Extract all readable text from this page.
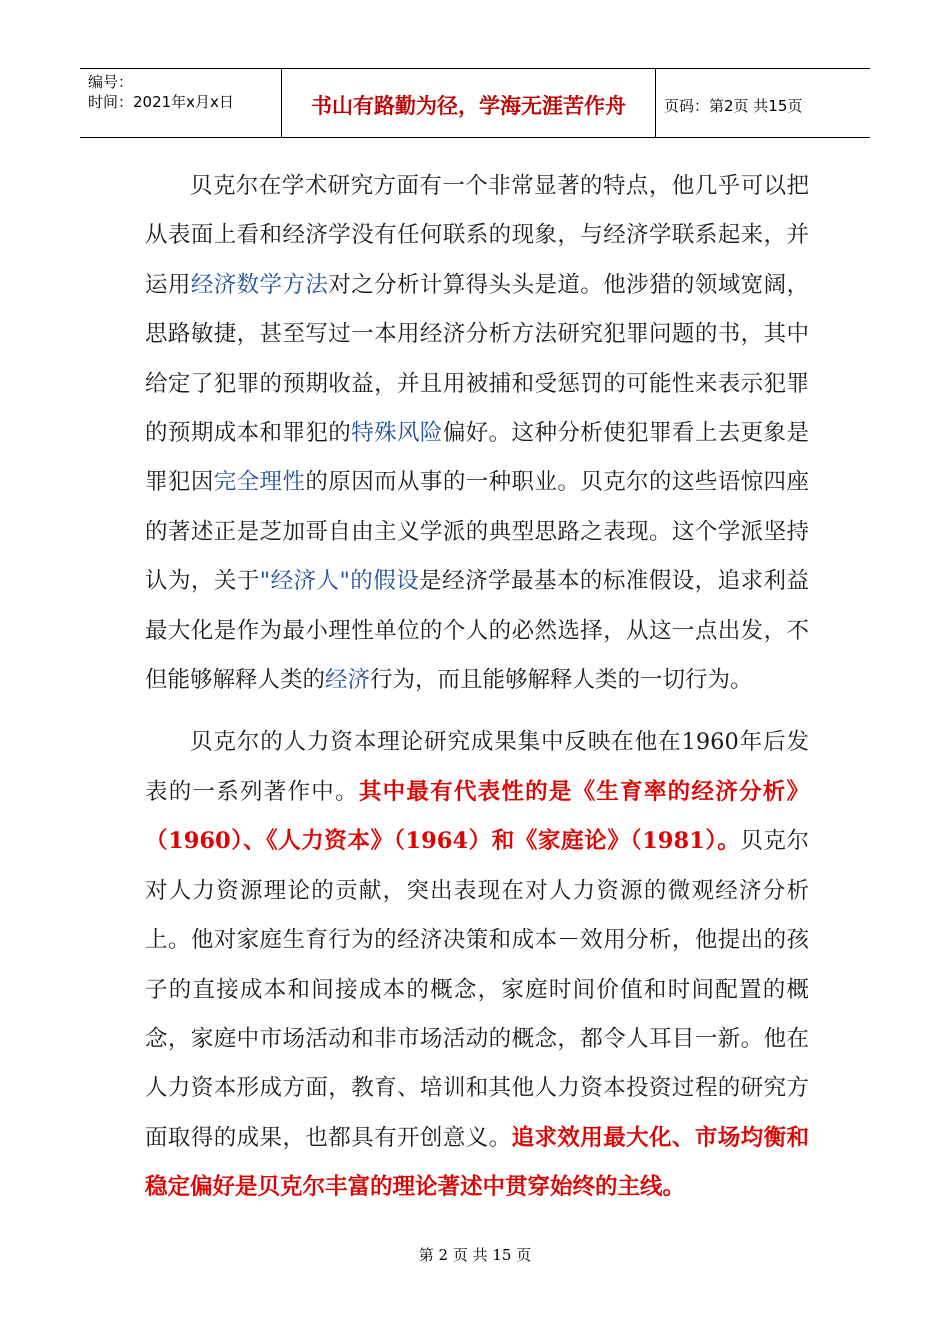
编号：
时间：2021年x月x日	书山有路勤为径，学海无涯苦作舟	页码：第2页 共15页

贝克尔在学术研究方面有一个非常显著的特点，他几乎可以把从表面上看和经济学没有任何联系的现象，与经济学联系起来，并运用经济数学方法对之分析计算得头头是道。他涉猎的领域宽阔，思路敏捷，甚至写过一本用经济分析方法研究犯罪问题的书，其中给定了犯罪的预期收益，并且用被捕和受惩罚的可能性来表示犯罪的预期成本和罪犯的特殊风险偏好。这种分析使犯罪看上去更象是罪犯因完全理性的原因而从事的一种职业。贝克尔的这些语惊四座的著述正是芝加哥自由主义学派的典型思路之表现。这个学派坚持认为，关于"经济人"的假设是经济学最基本的标准假设，追求利益最大化是作为最小理性单位的个人的必然选择，从这一点出发，不但能够解释人类的经济行为，而且能够解释人类的一切行为。

贝克尔的人力资本理论研究成果集中反映在他在1960年后发表的一系列著作中。其中最有代表性的是《生育率的经济分析》（1960）、《人力资本》（1964）和《家庭论》（1981）。贝克尔对人力资源理论的贡献，突出表现在对人力资源的微观经济分析上。他对家庭生育行为的经济决策和成本－效用分析，他提出的孩子的直接成本和间接成本的概念，家庭时间价值和时间配置的概念，家庭中市场活动和非市场活动的概念，都令人耳目一新。他在人力资本形成方面，教育、培训和其他人力资本投资过程的研究方面取得的成果，也都具有开创意义。追求效用最大化、市场均衡和稳定偏好是贝克尔丰富的理论著述中贯穿始终的主线。

第 2 页 共 15 页
